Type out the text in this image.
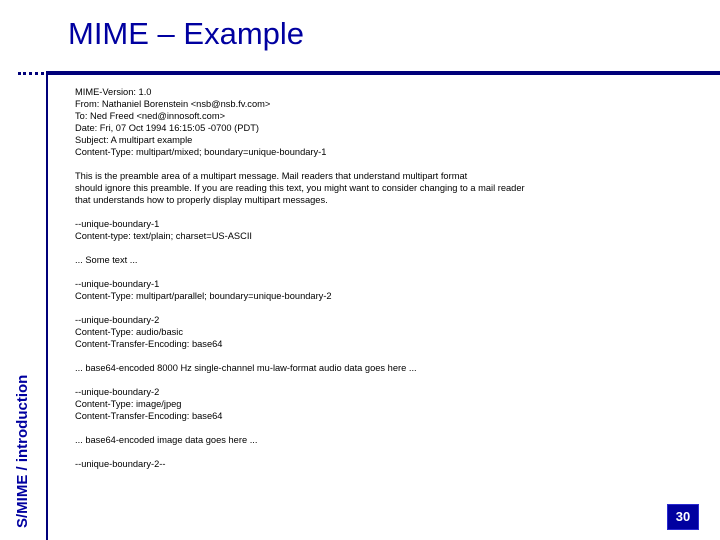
MIME – Example
S/MIME / introduction
MIME-Version: 1.0
From: Nathaniel Borenstein <nsb@nsb.fv.com>
To: Ned Freed <ned@innosoft.com>
Date: Fri, 07 Oct 1994 16:15:05 -0700 (PDT)
Subject: A multipart example
Content-Type: multipart/mixed; boundary=unique-boundary-1
This is the preamble area of a multipart message. Mail readers that understand multipart format
should ignore this preamble. If you are reading this text, you might want to consider changing to a mail reader
that understands how to properly display multipart messages.
--unique-boundary-1
Content-type: text/plain; charset=US-ASCII
... Some text ...
--unique-boundary-1
Content-Type: multipart/parallel; boundary=unique-boundary-2
--unique-boundary-2
Content-Type: audio/basic
Content-Transfer-Encoding: base64
... base64-encoded 8000 Hz single-channel mu-law-format audio data goes here ...
--unique-boundary-2
Content-Type: image/jpeg
Content-Transfer-Encoding: base64
... base64-encoded image data goes here ...
--unique-boundary-2--
30
